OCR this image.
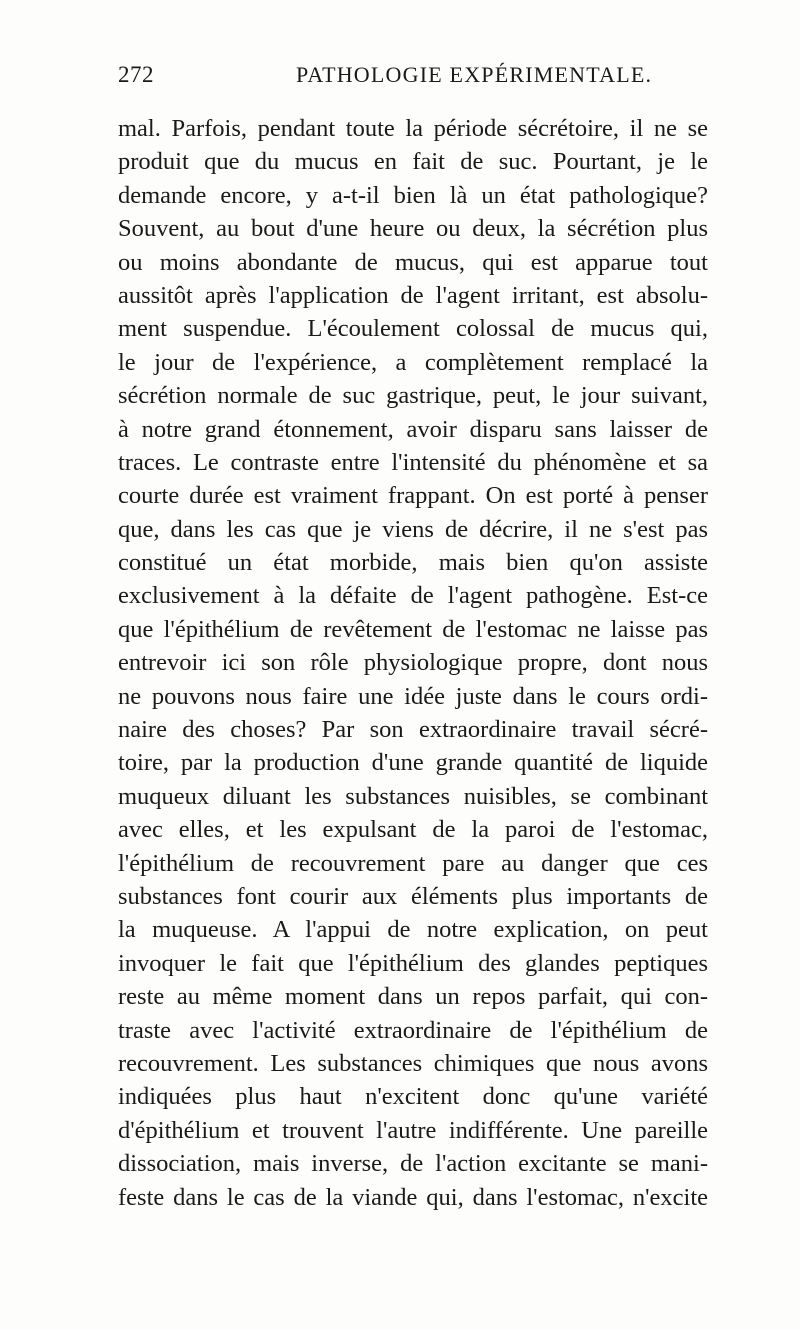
272	PATHOLOGIE EXPÉRIMENTALE.
mal. Parfois, pendant toute la période sécrétoire, il ne se
produit que du mucus en fait de suc. Pourtant, je le
demande encore, y a-t-il bien là un état pathologique?
Souvent, au bout d'une heure ou deux, la sécrétion plus
ou moins abondante de mucus, qui est apparue tout
aussitôt après l'application de l'agent irritant, est absolu-
ment suspendue. L'écoulement colossal de mucus qui,
le jour de l'expérience, a complètement remplacé la
sécrétion normale de suc gastrique, peut, le jour suivant,
à notre grand étonnement, avoir disparu sans laisser de
traces. Le contraste entre l'intensité du phénomène et sa
courte durée est vraiment frappant. On est porté à penser
que, dans les cas que je viens de décrire, il ne s'est pas
constitué un état morbide, mais bien qu'on assiste
exclusivement à la défaite de l'agent pathogène. Est-ce
que l'épithélium de revêtement de l'estomac ne laisse pas
entrevoir ici son rôle physiologique propre, dont nous
ne pouvons nous faire une idée juste dans le cours ordi-
naire des choses? Par son extraordinaire travail sécré-
toire, par la production d'une grande quantité de liquide
muqueux diluant les substances nuisibles, se combinant
avec elles, et les expulsant de la paroi de l'estomac,
l'épithélium de recouvrement pare au danger que ces
substances font courir aux éléments plus importants de
la muqueuse. A l'appui de notre explication, on peut
invoquer le fait que l'épithélium des glandes peptiques
reste au même moment dans un repos parfait, qui con-
traste avec l'activité extraordinaire de l'épithélium de
recouvrement. Les substances chimiques que nous avons
indiquées plus haut n'excitent donc qu'une variété
d'épithélium et trouvent l'autre indifférente. Une pareille
dissociation, mais inverse, de l'action excitante se mani-
feste dans le cas de la viande qui, dans l'estomac, n'excite
